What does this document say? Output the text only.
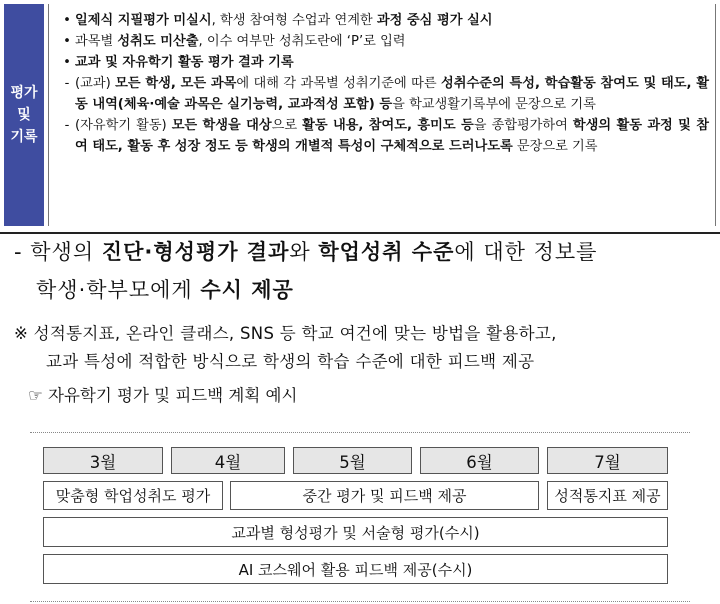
평가
및
기록
• 일제식 지필평가 미실시, 학생 참여형 수업과 연계한 과정 중심 평가 실시
• 과목별 성취도 미산출, 이수 여부만 성취도란에 ‘P’로 입력
• 교과 및 자유학기 활동 평가 결과 기록
- (교과) 모든 학생, 모든 과목에 대해 각 과목별 성취기준에 따른 성취수준의 특성, 학습활동 참여도 및 태도, 활동 내역(체육·예술 과목은 실기능력, 교과적성 포함) 등을 학교생활기록부에 문장으로 기록
- (자유학기 활동) 모든 학생을 대상으로 활동 내용, 참여도, 흥미도 등을 종합평가하여 학생의 활동 과정 및 참여 태도, 활동 후 성장 정도 등 학생의 개별적 특성이 구체적으로 드러나도록 문장으로 기록
- 학생의 진단·형성평가 결과와 학업성취 수준에 대한 정보를
학생·학부모에게 수시 제공
※ 성적통지표, 온라인 클래스, SNS 등 학교 여건에 맞는 방법을 활용하고,
교과 특성에 적합한 방식으로 학생의 학습 수준에 대한 피드백 제공
☞ 자유학기 평가 및 피드백 계획 예시
3월	4월	5월	6월	7월
맞춤형 학업성취도 평가	중간 평가 및 피드백 제공	성적통지표 제공
교과별 형성평가 및 서술형 평가(수시)
AI 코스웨어 활용 피드백 제공(수시)
